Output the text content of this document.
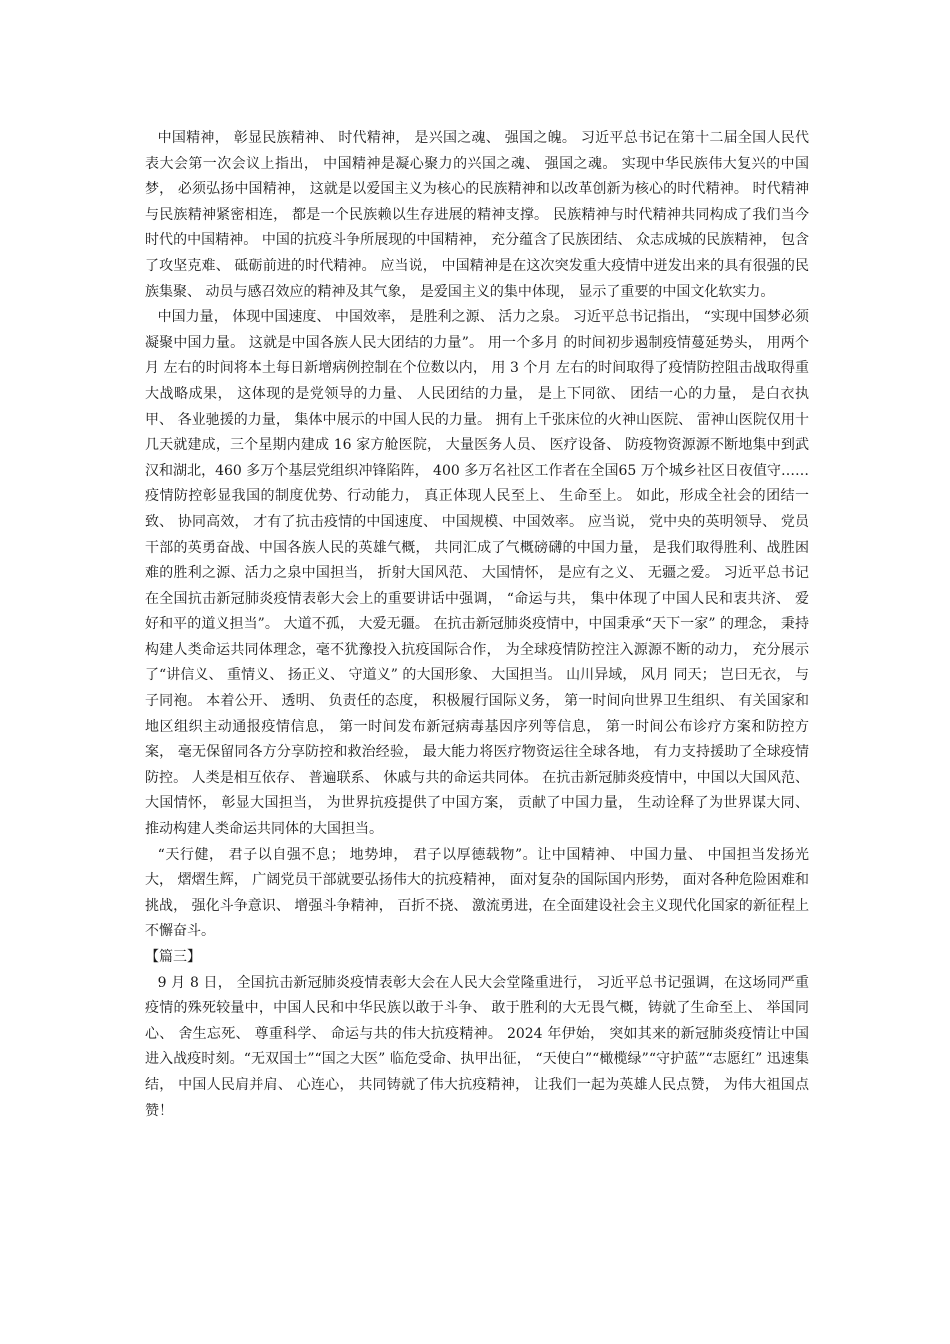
中国精神， 彰显民族精神、 时代精神， 是兴国之魂、 强国之魄。 习近平总书记在第十二届全国人民代表大会第一次会议上指出， 中国精神是凝心聚力的兴国之魂、 强国之魂。 实现中华民族伟大复兴的中国梦， 必须弘扬中国精神， 这就是以爱国主义为核心的民族精神和以改革创新为核心的时代精神。 时代精神与民族精神紧密相连， 都是一个民族赖以生存进展的精神支撑。 民族精神与时代精神共同构成了我们当今时代的中国精神。 中国的抗疫斗争所展现的中国精神， 充分蕴含了民族团结、 众志成城的民族精神， 包含了攻坚克难、 砥砺前进的时代精神。 应当说， 中国精神是在这次突发重大疫情中迸发出来的具有很强的民族集聚、 动员与感召效应的精神及其气象， 是爱国主义的集中体现， 显示了重要的中国文化软实力。

中国力量， 体现中国速度、 中国效率， 是胜利之源、 活力之泉。 习近平总书记指出， “实现中国梦必须凝聚中国力量。 这就是中国各族人民大团结的力量”。 用一个多月 的时间初步遏制疫情蔓延势头， 用两个月 左右的时间将本土每日新增病例控制在个位数以内， 用 3 个月 左右的时间取得了疫情防控阻击战取得重大战略成果， 这体现的是党领导的力量、 人民团结的力量， 是上下同欲、 团结一心的力量， 是白衣执甲、 各业驰援的力量， 集体中展示的中国人民的力量。 拥有上千张床位的火神山医院、 雷神山医院仅用十几天就建成，三个星期内建成 16 家方舱医院， 大量医务人员、 医疗设备、 防疫物资源源不断地集中到武汉和湖北，460 多万个基层党组织冲锋陷阵， 400 多万名社区工作者在全国65 万个城乡社区日夜值守……疫情防控彰显我国的制度优势、行动能力， 真正体现人民至上、 生命至上。 如此，形成全社会的团结一致、 协同高效， 才有了抗击疫情的中国速度、 中国规模、中国效率。 应当说， 党中央的英明领导、 党员干部的英勇奋战、中国各族人民的英雄气概， 共同汇成了气概磅礴的中国力量， 是我们取得胜利、战胜困难的胜利之源、活力之泉中国担当， 折射大国风范、 大国情怀， 是应有之义、 无疆之爱。 习近平总书记在全国抗击新冠肺炎疫情表彰大会上的重要讲话中强调， “命运与共， 集中体现了中国人民和衷共济、 爱好和平的道义担当”。 大道不孤， 大爱无疆。 在抗击新冠肺炎疫情中，中国秉承“天下一家” 的理念， 秉持构建人类命运共同体理念，毫不犹豫投入抗疫国际合作， 为全球疫情防控注入源源不断的动力， 充分展示了“讲信义、 重情义、 扬正义、 守道义” 的大国形象、 大国担当。 山川异域， 风月 同天； 岂曰无衣， 与子同袍。 本着公开、 透明、 负责任的态度， 积极履行国际义务， 第一时间向世界卫生组织、 有关国家和地区组织主动通报疫情信息， 第一时间发布新冠病毒基因序列等信息， 第一时间公布诊疗方案和防控方案， 毫无保留同各方分享防控和救治经验， 最大能力将医疗物资运往全球各地， 有力支持援助了全球疫情防控。 人类是相互依存、 普遍联系、 休戚与共的命运共同体。 在抗击新冠肺炎疫情中，中国以大国风范、 大国情怀， 彰显大国担当， 为世界抗疫提供了中国方案， 贡献了中国力量， 生动诠释了为世界谋大同、 推动构建人类命运共同体的大国担当。

“天行健， 君子以自强不息； 地势坤， 君子以厚德载物”。让中国精神、 中国力量、 中国担当发扬光大， 熠熠生辉， 广阔党员干部就要弘扬伟大的抗疫精神， 面对复杂的国际国内形势， 面对各种危险困难和挑战， 强化斗争意识、 增强斗争精神， 百折不挠、 激流勇进，在全面建设社会主义现代化国家的新征程上不懈奋斗。

【篇三】

9 月 8 日， 全国抗击新冠肺炎疫情表彰大会在人民大会堂隆重进行， 习近平总书记强调，在这场同严重疫情的殊死较量中，中国人民和中华民族以敢于斗争、 敢于胜利的大无畏气概，铸就了生命至上、 举国同心、 舍生忘死、 尊重科学、 命运与共的伟大抗疫精神。 2024 年伊始， 突如其来的新冠肺炎疫情让中国进入战疫时刻。“无双国士”“国之大医” 临危受命、执甲出征， “天使白”“橄榄绿”“守护蓝”“志愿红” 迅速集结， 中国人民肩并肩、 心连心， 共同铸就了伟大抗疫精神， 让我们一起为英雄人民点赞， 为伟大祖国点赞！
